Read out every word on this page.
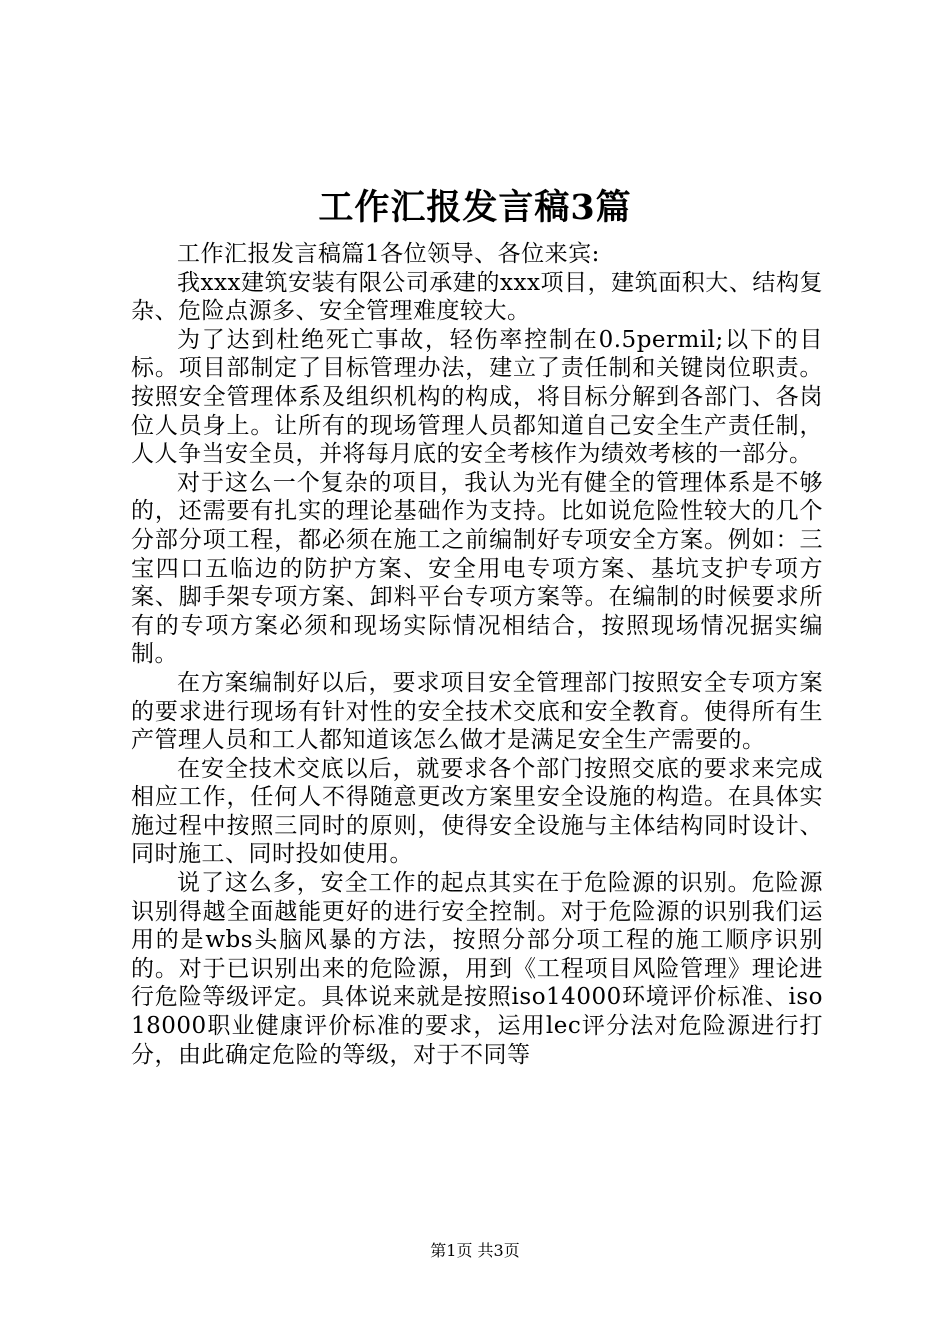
工作汇报发言稿3篇

工作汇报发言稿篇1各位领导、各位来宾:

我xxx建筑安装有限公司承建的xxx项目，建筑面积大、结构复杂、危险点源多、安全管理难度较大。

为了达到杜绝死亡事故，轻伤率控制在0.5permil;以下的目标。项目部制定了目标管理办法，建立了责任制和关键岗位职责。按照安全管理体系及组织机构的构成，将目标分解到各部门、各岗位人员身上。让所有的现场管理人员都知道自己安全生产责任制，人人争当安全员，并将每月底的安全考核作为绩效考核的一部分。

对于这么一个复杂的项目，我认为光有健全的管理体系是不够的，还需要有扎实的理论基础作为支持。比如说危险性较大的几个分部分项工程，都必须在施工之前编制好专项安全方案。例如：三宝四口五临边的防护方案、安全用电专项方案、基坑支护专项方案、脚手架专项方案、卸料平台专项方案等。在编制的时候要求所有的专项方案必须和现场实际情况相结合，按照现场情况据实编制。

在方案编制好以后，要求项目安全管理部门按照安全专项方案的要求进行现场有针对性的安全技术交底和安全教育。使得所有生产管理人员和工人都知道该怎么做才是满足安全生产需要的。

在安全技术交底以后，就要求各个部门按照交底的要求来完成相应工作，任何人不得随意更改方案里安全设施的构造。在具体实施过程中按照三同时的原则，使得安全设施与主体结构同时设计、同时施工、同时投如使用。

说了这么多，安全工作的起点其实在于危险源的识别。危险源识别得越全面越能更好的进行安全控制。对于危险源的识别我们运用的是wbs头脑风暴的方法，按照分部分项工程的施工顺序识别的。对于已识别出来的危险源，用到《工程项目风险管理》理论进行危险等级评定。具体说来就是按照iso14000环境评价标准、iso18000职业健康评价标准的要求，运用lec评分法对危险源进行打分，由此确定危险的等级，对于不同等

第1页 共3页
